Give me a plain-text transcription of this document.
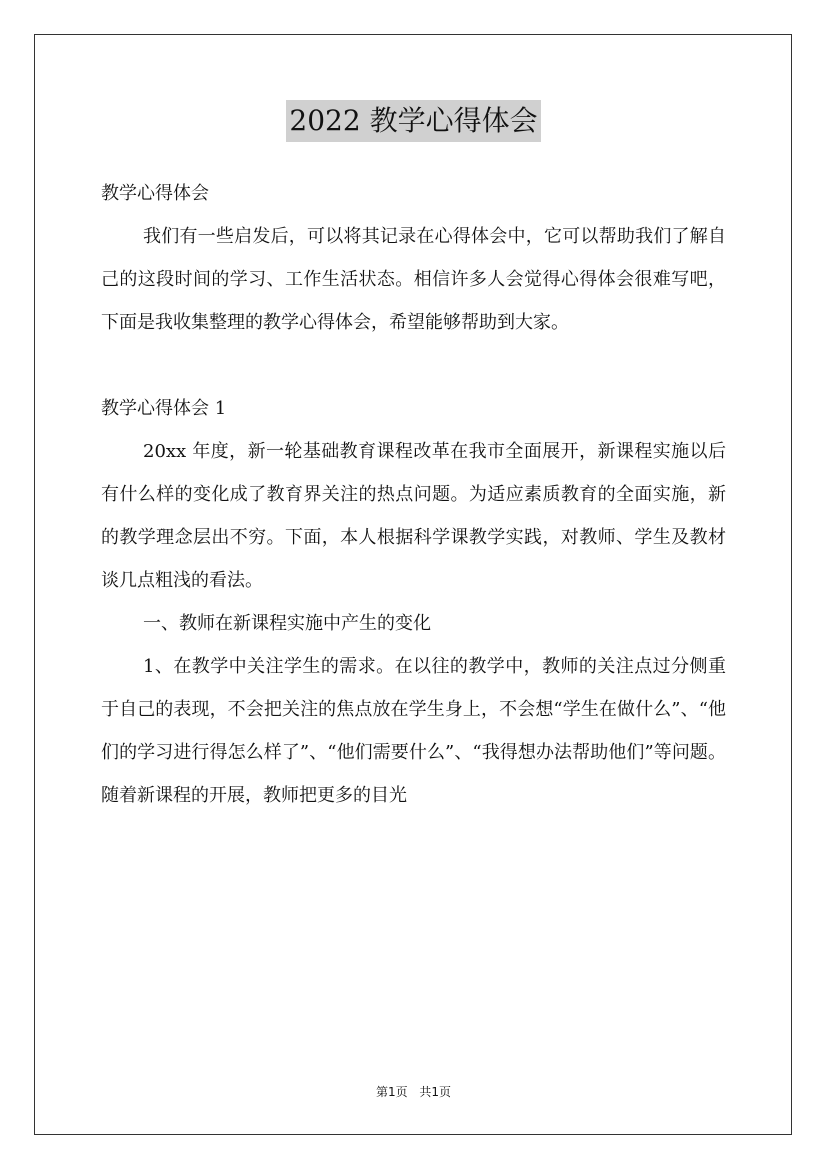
2022 教学心得体会

教学心得体会

我们有一些启发后，可以将其记录在心得体会中，它可以帮助我们了解自己的这段时间的学习、工作生活状态。相信许多人会觉得心得体会很难写吧，下面是我收集整理的教学心得体会，希望能够帮助到大家。

教学心得体会 1

20xx 年度，新一轮基础教育课程改革在我市全面展开，新课程实施以后有什么样的变化成了教育界关注的热点问题。为适应素质教育的全面实施，新的教学理念层出不穷。下面，本人根据科学课教学实践，对教师、学生及教材谈几点粗浅的看法。

一、教师在新课程实施中产生的变化

1、在教学中关注学生的需求。在以往的教学中，教师的关注点过分侧重于自己的表现，不会把关注的焦点放在学生身上，不会想“学生在做什么”、“他们的学习进行得怎么样了”、“他们需要什么”、“我得想办法帮助他们”等问题。随着新课程的开展，教师把更多的目光

第1页 共1页
